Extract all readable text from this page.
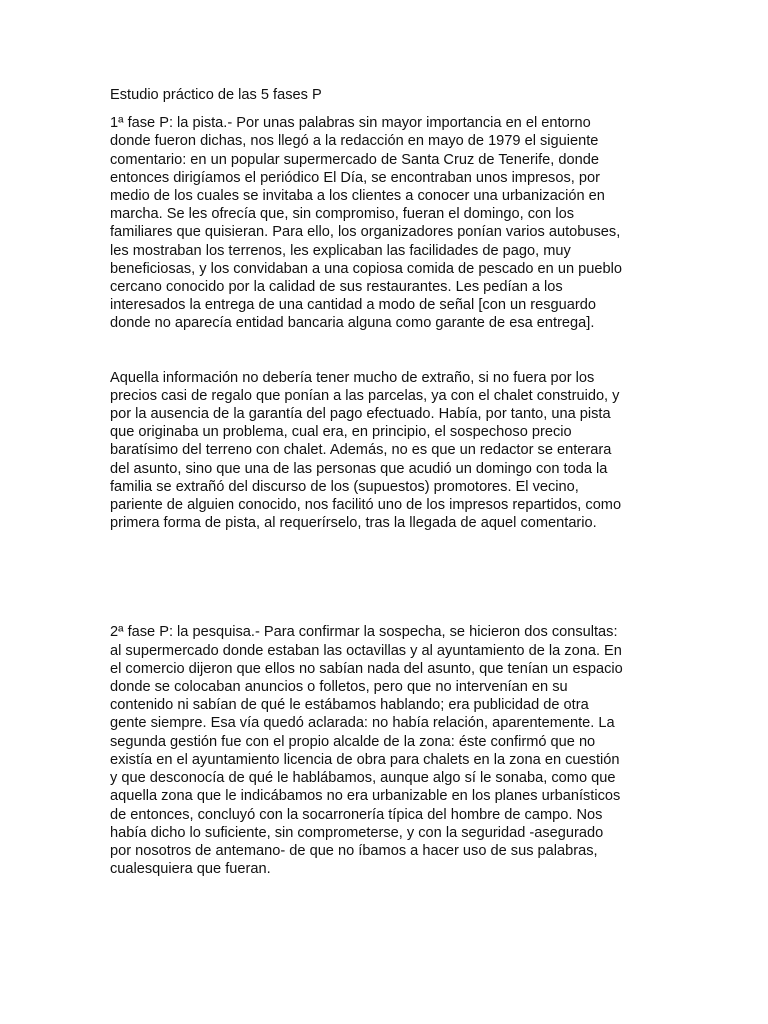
Estudio práctico de las 5 fases P
1ª fase P: la pista.- Por unas palabras sin mayor importancia en el entorno
donde fueron dichas, nos llegó a la redacción en mayo de 1979 el siguiente
comentario: en un popular supermercado de Santa Cruz de Tenerife, donde
entonces dirigíamos el periódico El Día, se encontraban unos impresos, por
medio de los cuales se invitaba a los clientes a conocer una urbanización en
marcha. Se les ofrecía que, sin compromiso, fueran el domingo, con los
familiares que quisieran. Para ello, los organizadores ponían varios autobuses,
les mostraban los terrenos, les explicaban las facilidades de pago, muy
beneficiosas, y los convidaban a una copiosa comida de pescado en un pueblo
cercano conocido por la calidad de sus restaurantes. Les pedían a los
interesados la entrega de una cantidad a modo de señal [con un resguardo
donde no aparecía entidad bancaria alguna como garante de esa entrega].
Aquella información no debería tener mucho de extraño, si no fuera por los
precios casi de regalo que ponían a las parcelas, ya con el chalet construido, y
por la ausencia de la garantía del pago efectuado. Había, por tanto, una pista
que originaba un problema, cual era, en principio, el sospechoso precio
baratísimo del terreno con chalet. Además, no es que un redactor se enterara
del asunto, sino que una de las personas que acudió un domingo con toda la
familia se extrañó del discurso de los (supuestos) promotores. El vecino,
pariente de alguien conocido, nos facilitó uno de los impresos repartidos, como
primera forma de pista, al requerírselo, tras la llegada de aquel comentario.
2ª fase P: la pesquisa.- Para confirmar la sospecha, se hicieron dos consultas:
al supermercado donde estaban las octavillas y al ayuntamiento de la zona. En
el comercio dijeron que ellos no sabían nada del asunto, que tenían un espacio
donde se colocaban anuncios o folletos, pero que no intervenían en su
contenido ni sabían de qué le estábamos hablando; era publicidad de otra
gente siempre. Esa vía quedó aclarada: no había relación, aparentemente. La
segunda gestión fue con el propio alcalde de la zona: éste confirmó que no
existía en el ayuntamiento licencia de obra para chalets en la zona en cuestión
y que desconocía de qué le hablábamos, aunque algo sí le sonaba, como que
aquella zona que le indicábamos no era urbanizable en los planes urbanísticos
de entonces, concluyó con la socarronería típica del hombre de campo. Nos
había dicho lo suficiente, sin comprometerse, y con la seguridad -asegurado
por nosotros de antemano- de que no íbamos a hacer uso de sus palabras,
cualesquiera que fueran.
